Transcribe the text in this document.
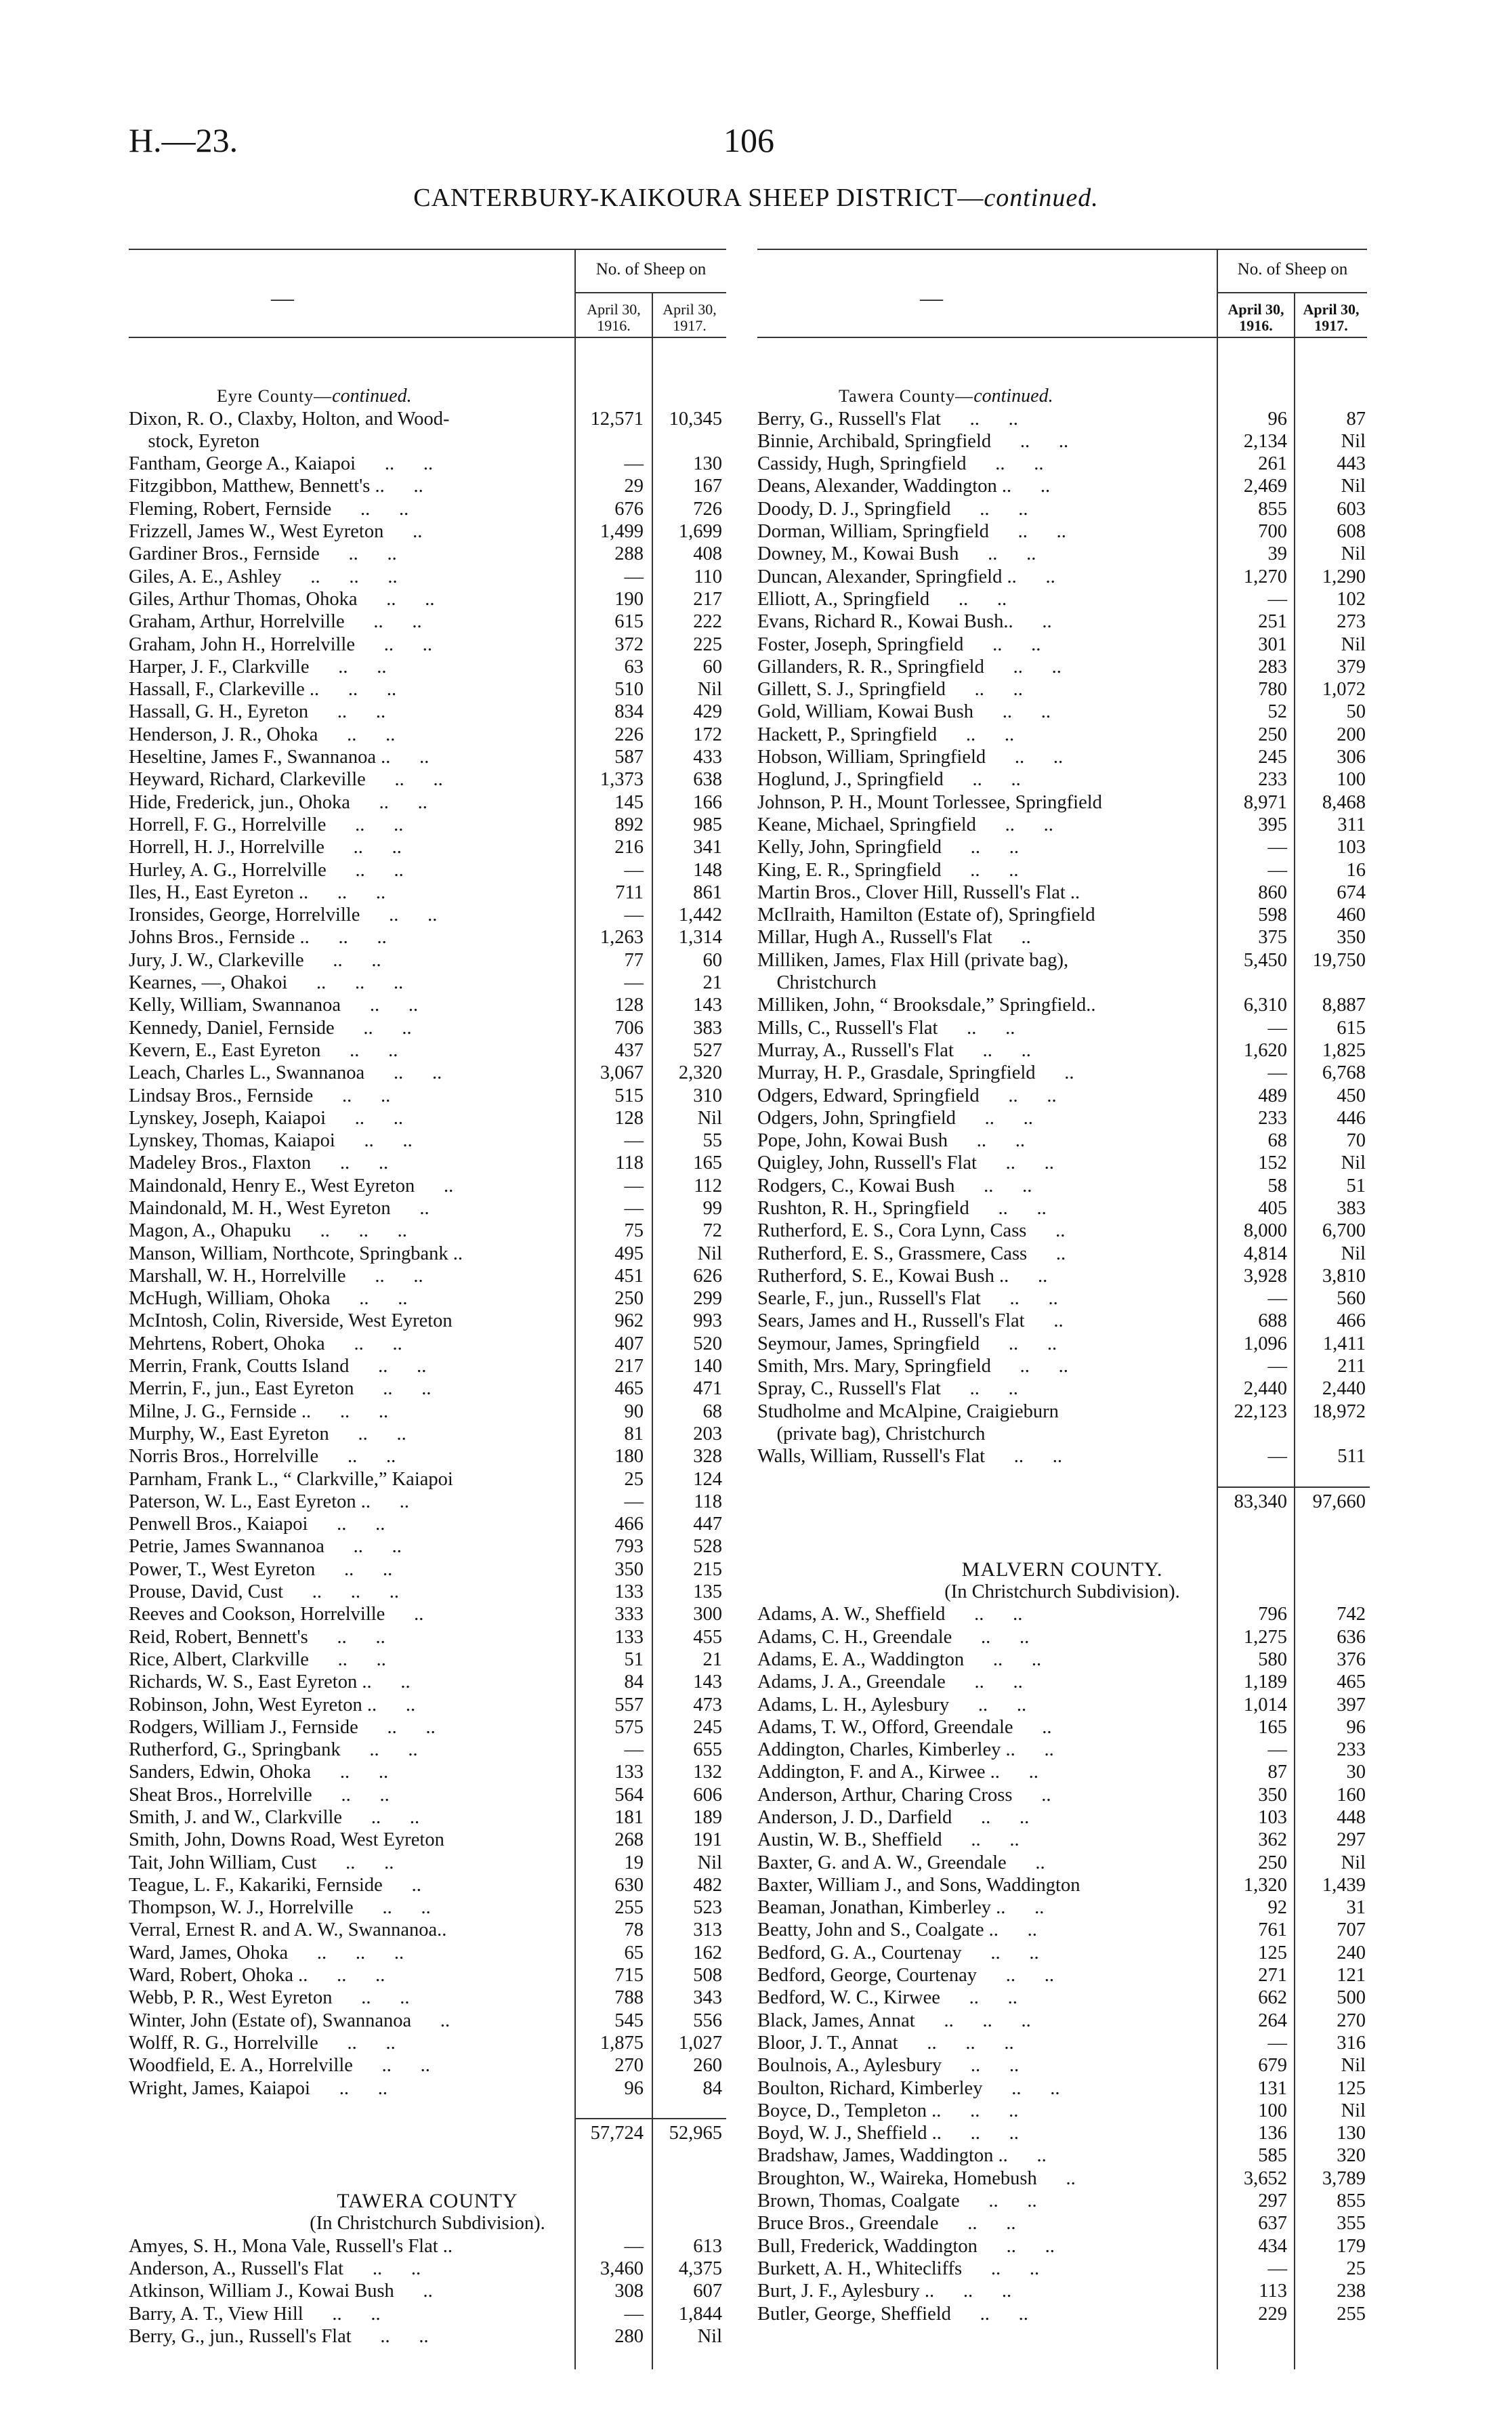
H.—23.	106
CANTERBURY-KAIKOURA SHEEP DISTRICT—continued.
—
No. of Sheep on
April 30, 1916.
April 30, 1917.
Eyre County—continued.
Dixon, R. O., Claxby, Holton, and Wood-	12,571	10,345
stock, Eyreton
Fantham, George A., Kaiapoi      ..      ..	—	130
Fitzgibbon, Matthew, Bennett's ..      ..	29	167
Fleming, Robert, Fernside      ..      ..	676	726
Frizzell, James W., West Eyreton      ..	1,499	1,699
Gardiner Bros., Fernside      ..      ..	288	408
Giles, A. E., Ashley      ..      ..      ..	—	110
Giles, Arthur Thomas, Ohoka      ..      ..	190	217
Graham, Arthur, Horrelville      ..      ..	615	222
Graham, John H., Horrelville      ..      ..	372	225
Harper, J. F., Clarkville      ..      ..	63	60
Hassall, F., Clarkeville ..      ..      ..	510	Nil
Hassall, G. H., Eyreton      ..      ..	834	429
Henderson, J. R., Ohoka      ..      ..	226	172
Heseltine, James F., Swannanoa ..      ..	587	433
Heyward, Richard, Clarkeville      ..      ..	1,373	638
Hide, Frederick, jun., Ohoka      ..      ..	145	166
Horrell, F. G., Horrelville      ..      ..	892	985
Horrell, H. J., Horrelville      ..      ..	216	341
Hurley, A. G., Horrelville      ..      ..	—	148
Iles, H., East Eyreton ..      ..      ..	711	861
Ironsides, George, Horrelville      ..      ..	—	1,442
Johns Bros., Fernside ..      ..      ..	1,263	1,314
Jury, J. W., Clarkeville      ..      ..	77	60
Kearnes, —, Ohakoi      ..      ..      ..	—	21
Kelly, William, Swannanoa      ..      ..	128	143
Kennedy, Daniel, Fernside      ..      ..	706	383
Kevern, E., East Eyreton      ..      ..	437	527
Leach, Charles L., Swannanoa      ..      ..	3,067	2,320
Lindsay Bros., Fernside      ..      ..	515	310
Lynskey, Joseph, Kaiapoi      ..      ..	128	Nil
Lynskey, Thomas, Kaiapoi      ..      ..	—	55
Madeley Bros., Flaxton      ..      ..	118	165
Maindonald, Henry E., West Eyreton      ..	—	112
Maindonald, M. H., West Eyreton      ..	—	99
Magon, A., Ohapuku      ..      ..      ..	75	72
Manson, William, Northcote, Springbank ..	495	Nil
Marshall, W. H., Horrelville      ..      ..	451	626
McHugh, William, Ohoka      ..      ..	250	299
McIntosh, Colin, Riverside, West Eyreton	962	993
Mehrtens, Robert, Ohoka      ..      ..	407	520
Merrin, Frank, Coutts Island      ..      ..	217	140
Merrin, F., jun., East Eyreton      ..      ..	465	471
Milne, J. G., Fernside ..      ..      ..	90	68
Murphy, W., East Eyreton      ..      ..	81	203
Norris Bros., Horrelville      ..      ..	180	328
Parnham, Frank L., “ Clarkville,” Kaiapoi	25	124
Paterson, W. L., East Eyreton ..      ..	—	118
Penwell Bros., Kaiapoi      ..      ..	466	447
Petrie, James Swannanoa      ..      ..	793	528
Power, T., West Eyreton      ..      ..	350	215
Prouse, David, Cust      ..      ..      ..	133	135
Reeves and Cookson, Horrelville      ..	333	300
Reid, Robert, Bennett's      ..      ..	133	455
Rice, Albert, Clarkville      ..      ..	51	21
Richards, W. S., East Eyreton ..      ..	84	143
Robinson, John, West Eyreton ..      ..	557	473
Rodgers, William J., Fernside      ..      ..	575	245
Rutherford, G., Springbank      ..      ..	—	655
Sanders, Edwin, Ohoka      ..      ..	133	132
Sheat Bros., Horrelville      ..      ..	564	606
Smith, J. and W., Clarkville      ..      ..	181	189
Smith, John, Downs Road, West Eyreton	268	191
Tait, John William, Cust      ..      ..	19	Nil
Teague, L. F., Kakariki, Fernside      ..	630	482
Thompson, W. J., Horrelville      ..      ..	255	523
Verral, Ernest R. and A. W., Swannanoa..	78	313
Ward, James, Ohoka      ..      ..      ..	65	162
Ward, Robert, Ohoka ..      ..      ..	715	508
Webb, P. R., West Eyreton      ..      ..	788	343
Winter, John (Estate of), Swannanoa      ..	545	556
Wolff, R. G., Horrelville      ..      ..	1,875	1,027
Woodfield, E. A., Horrelville      ..      ..	270	260
Wright, James, Kaiapoi      ..      ..	96	84
57,724	52,965
TAWERA COUNTY
(In Christchurch Subdivision).
Amyes, S. H., Mona Vale, Russell's Flat ..	—	613
Anderson, A., Russell's Flat      ..      ..	3,460	4,375
Atkinson, William J., Kowai Bush      ..	308	607
Barry, A. T., View Hill      ..      ..	—	1,844
Berry, G., jun., Russell's Flat      ..      ..	280	Nil
—
No. of Sheep on
April 30, 1916.
April 30, 1917.
Tawera County—continued.
Berry, G., Russell's Flat      ..      ..	96	87
Binnie, Archibald, Springfield      ..      ..	2,134	Nil
Cassidy, Hugh, Springfield      ..      ..	261	443
Deans, Alexander, Waddington ..      ..	2,469	Nil
Doody, D. J., Springfield      ..      ..	855	603
Dorman, William, Springfield      ..      ..	700	608
Downey, M., Kowai Bush      ..      ..	39	Nil
Duncan, Alexander, Springfield ..      ..	1,270	1,290
Elliott, A., Springfield      ..      ..	—	102
Evans, Richard R., Kowai Bush..      ..	251	273
Foster, Joseph, Springfield      ..      ..	301	Nil
Gillanders, R. R., Springfield      ..      ..	283	379
Gillett, S. J., Springfield      ..      ..	780	1,072
Gold, William, Kowai Bush      ..      ..	52	50
Hackett, P., Springfield      ..      ..	250	200
Hobson, William, Springfield      ..      ..	245	306
Hoglund, J., Springfield      ..      ..	233	100
Johnson, P. H., Mount Torlessee, Springfield	8,971	8,468
Keane, Michael, Springfield      ..      ..	395	311
Kelly, John, Springfield      ..      ..	—	103
King, E. R., Springfield      ..      ..	—	16
Martin Bros., Clover Hill, Russell's Flat ..	860	674
McIlraith, Hamilton (Estate of), Springfield	598	460
Millar, Hugh A., Russell's Flat      ..	375	350
Milliken, James, Flax Hill (private bag),	5,450	19,750
Christchurch
Milliken, John, “ Brooksdale,” Springfield..	6,310	8,887
Mills, C., Russell's Flat      ..      ..	—	615
Murray, A., Russell's Flat      ..      ..	1,620	1,825
Murray, H. P., Grasdale, Springfield      ..	—	6,768
Odgers, Edward, Springfield      ..      ..	489	450
Odgers, John, Springfield      ..      ..	233	446
Pope, John, Kowai Bush      ..      ..	68	70
Quigley, John, Russell's Flat      ..      ..	152	Nil
Rodgers, C., Kowai Bush      ..      ..	58	51
Rushton, R. H., Springfield      ..      ..	405	383
Rutherford, E. S., Cora Lynn, Cass      ..	8,000	6,700
Rutherford, E. S., Grassmere, Cass      ..	4,814	Nil
Rutherford, S. E., Kowai Bush ..      ..	3,928	3,810
Searle, F., jun., Russell's Flat      ..      ..	—	560
Sears, James and H., Russell's Flat      ..	688	466
Seymour, James, Springfield      ..      ..	1,096	1,411
Smith, Mrs. Mary, Springfield      ..      ..	—	211
Spray, C., Russell's Flat      ..      ..	2,440	2,440
Studholme and McAlpine, Craigieburn	22,123	18,972
(private bag), Christchurch
Walls, William, Russell's Flat      ..      ..	—	511
83,340	97,660
MALVERN COUNTY.
(In Christchurch Subdivision).
Adams, A. W., Sheffield      ..      ..	796	742
Adams, C. H., Greendale      ..      ..	1,275	636
Adams, E. A., Waddington      ..      ..	580	376
Adams, J. A., Greendale      ..      ..	1,189	465
Adams, L. H., Aylesbury      ..      ..	1,014	397
Adams, T. W., Offord, Greendale      ..	165	96
Addington, Charles, Kimberley ..      ..	—	233
Addington, F. and A., Kirwee ..      ..	87	30
Anderson, Arthur, Charing Cross      ..	350	160
Anderson, J. D., Darfield      ..      ..	103	448
Austin, W. B., Sheffield      ..      ..	362	297
Baxter, G. and A. W., Greendale      ..	250	Nil
Baxter, William J., and Sons, Waddington	1,320	1,439
Beaman, Jonathan, Kimberley ..      ..	92	31
Beatty, John and S., Coalgate ..      ..	761	707
Bedford, G. A., Courtenay      ..      ..	125	240
Bedford, George, Courtenay      ..      ..	271	121
Bedford, W. C., Kirwee      ..      ..	662	500
Black, James, Annat      ..      ..      ..	264	270
Bloor, J. T., Annat      ..      ..      ..	—	316
Boulnois, A., Aylesbury      ..      ..	679	Nil
Boulton, Richard, Kimberley      ..      ..	131	125
Boyce, D., Templeton ..      ..      ..	100	Nil
Boyd, W. J., Sheffield ..      ..      ..	136	130
Bradshaw, James, Waddington ..      ..	585	320
Broughton, W., Waireka, Homebush      ..	3,652	3,789
Brown, Thomas, Coalgate      ..      ..	297	855
Bruce Bros., Greendale      ..      ..	637	355
Bull, Frederick, Waddington      ..      ..	434	179
Burkett, A. H., Whitecliffs      ..      ..	—	25
Burt, J. F., Aylesbury ..      ..      ..	113	238
Butler, George, Sheffield      ..      ..	229	255
